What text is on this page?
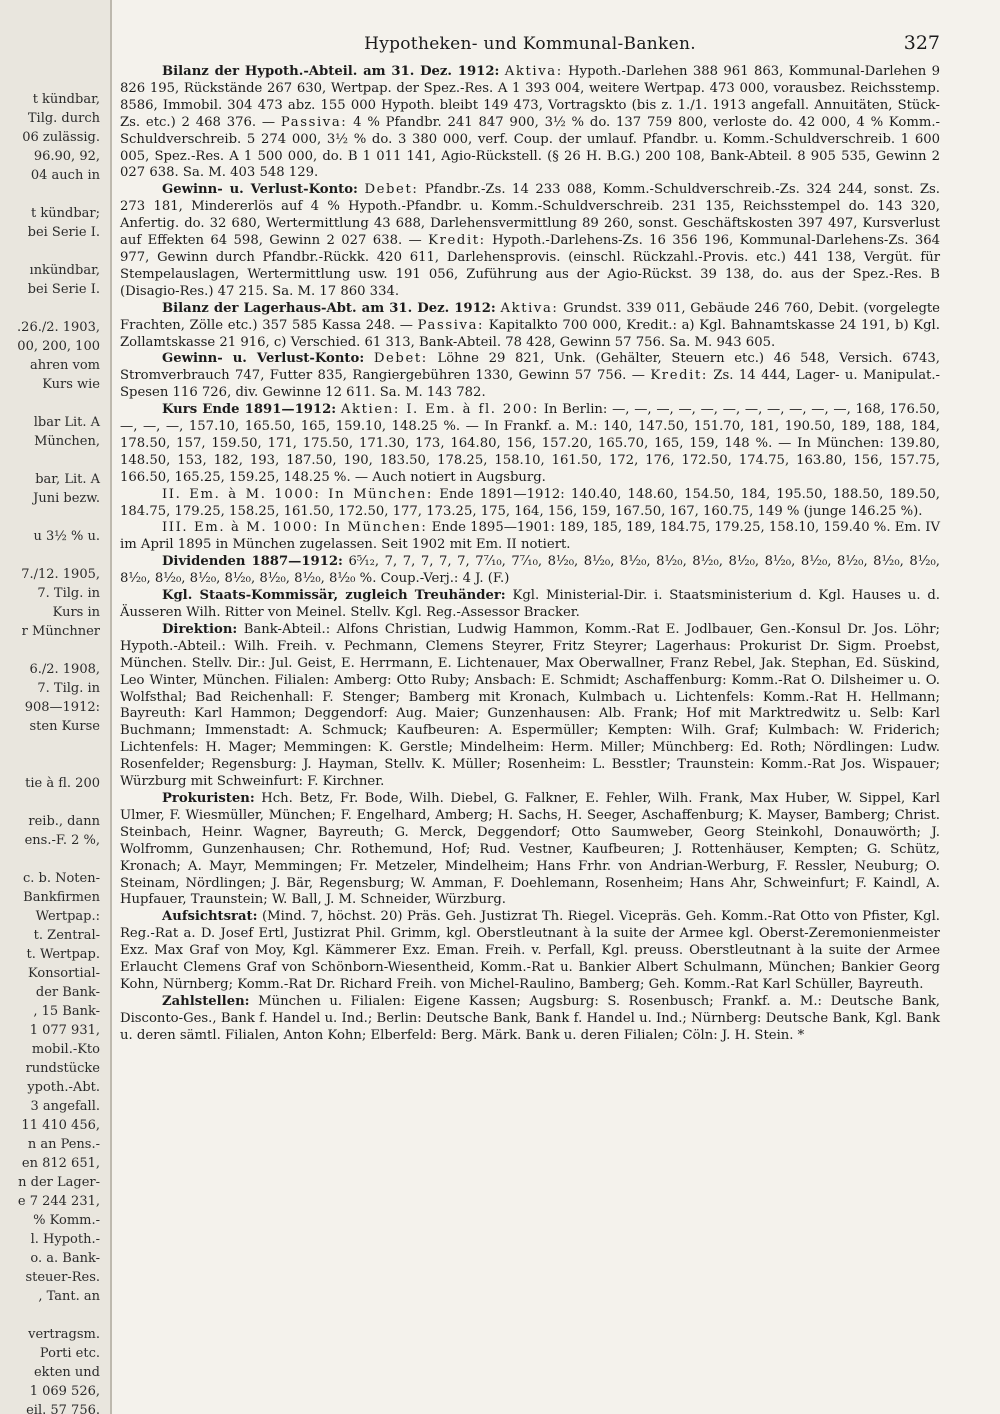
t kündbar,
Tilg. durch
06 zulässig.
96.90, 92,
04 auch in
t kündbar;
bei Serie I.
ınkündbar,
bei Serie I.
.26./2. 1903,
00, 200, 100
ahren vom
Kurs wie
lbar Lit. A
München,
bar, Lit. A
Juni bezw.
u 3½ % u.
7./12. 1905,
7. Tilg. in
Kurs in
r Münchner
6./2. 1908,
7. Tilg. in
908—1912:
sten Kurse
tie à fl. 200
reib., dann
ens.-F. 2 %,
c. b. Noten-
Bankfirmen
Wertpap.:
t. Zentral-
t. Wertpap.
Konsortial-
der Bank-
, 15 Bank-
1 077 931,
mobil.-Kto
rundstücke
ypoth.-Abt.
3 angefall.
11 410 456,
n an Pens.-
en 812 651,
n der Lager-
e 7 244 231,
% Komm.-
l. Hypoth.-
o. a. Bank-
steuer-Res.
, Tant. an
vertragsm.
Porti etc.
ekten und
1 069 526,
eil. 57 756.
Hypotheken- und Kommunal-Banken.	327

Bilanz der Hypoth.-Abteil. am 31. Dez. 1912: Aktiva: Hypoth.-Darlehen 388 961 863, Kommunal-Darlehen 9 826 195, Rückstände 267 630, Wertpap. der Spez.-Res. A 1 393 004, weitere Wertpap. 473 000, vorausbez. Reichsstemp. 8586, Immobil. 304 473 abz. 155 000 Hypoth. bleibt 149 473, Vortragskto (bis z. 1./1. 1913 angefall. Annuitäten, Stück-Zs. etc.) 2 468 376. — Passiva: 4 % Pfandbr. 241 847 900, 3½ % do. 137 759 800, verloste do. 42 000, 4 % Komm.-Schuldverschreib. 5 274 000, 3½ % do. 3 380 000, verf. Coup. der umlauf. Pfandbr. u. Komm.-Schuldverschreib. 1 600 005, Spez.-Res. A 1 500 000, do. B 1 011 141, Agio-Rückstell. (§ 26 H. B.G.) 200 108, Bank-Abteil. 8 905 535, Gewinn 2 027 638. Sa. M. 403 548 129.

Gewinn- u. Verlust-Konto: Debet: Pfandbr.-Zs. 14 233 088, Komm.-Schuldverschreib.-Zs. 324 244, sonst. Zs. 273 181, Mindererlös auf 4 % Hypoth.-Pfandbr. u. Komm.-Schuldverschreib. 231 135, Reichsstempel do. 143 320, Anfertig. do. 32 680, Wertermittlung 43 688, Darlehensvermittlung 89 260, sonst. Geschäftskosten 397 497, Kursverlust auf Effekten 64 598, Gewinn 2 027 638. — Kredit: Hypoth.-Darlehens-Zs. 16 356 196, Kommunal-Darlehens-Zs. 364 977, Gewinn durch Pfandbr.-Rückk. 420 611, Darlehensprovis. (einschl. Rückzahl.-Provis. etc.) 441 138, Vergüt. für Stempelauslagen, Wertermittlung usw. 191 056, Zuführung aus der Agio-Rückst. 39 138, do. aus der Spez.-Res. B (Disagio-Res.) 47 215. Sa. M. 17 860 334.

Bilanz der Lagerhaus-Abt. am 31. Dez. 1912: Aktiva: Grundst. 339 011, Gebäude 246 760, Debit. (vorgelegte Frachten, Zölle etc.) 357 585 Kassa 248. — Passiva: Kapitalkto 700 000, Kredit.: a) Kgl. Bahnamtskasse 24 191, b) Kgl. Zollamtskasse 21 916, c) Verschied. 61 313, Bank-Abteil. 78 428, Gewinn 57 756. Sa. M. 943 605.

Gewinn- u. Verlust-Konto: Debet: Löhne 29 821, Unk. (Gehälter, Steuern etc.) 46 548, Versich. 6743, Stromverbrauch 747, Futter 835, Rangiergebühren 1330, Gewinn 57 756. — Kredit: Zs. 14 444, Lager- u. Manipulat.-Spesen 116 726, div. Gewinne 12 611. Sa. M. 143 782.

Kurs Ende 1891—1912: Aktien: I. Em. à fl. 200: In Berlin: —, —, —, —, —, —, —, —, —, —, —, 168, 176.50, —, —, —, 157.10, 165.50, 165, 159.10, 148.25 %. — In Frankf. a. M.: 140, 147.50, 151.70, 181, 190.50, 189, 188, 184, 178.50, 157, 159.50, 171, 175.50, 171.30, 173, 164.80, 156, 157.20, 165.70, 165, 159, 148 %. — In München: 139.80, 148.50, 153, 182, 193, 187.50, 190, 183.50, 178.25, 158.10, 161.50, 172, 176, 172.50, 174.75, 163.80, 156, 157.75, 166.50, 165.25, 159.25, 148.25 %. — Auch notiert in Augsburg.

II. Em. à M. 1000: In München: Ende 1891—1912: 140.40, 148.60, 154.50, 184, 195.50, 188.50, 189.50, 184.75, 179.25, 158.25, 161.50, 172.50, 177, 173.25, 175, 164, 156, 159, 167.50, 167, 160.75, 149 % (junge 146.25 %).

III. Em. à M. 1000: In München: Ende 1895—1901: 189, 185, 189, 184.75, 179.25, 158.10, 159.40 %. Em. IV im April 1895 in München zugelassen. Seit 1902 mit Em. II notiert.

Dividenden 1887—1912: 6⁵⁄₁₂, 7, 7, 7, 7, 7, 7⁷⁄₁₀, 7⁷⁄₁₀, 8¹⁄₂₀, 8¹⁄₂₀, 8¹⁄₂₀, 8¹⁄₂₀, 8¹⁄₂₀, 8¹⁄₂₀, 8¹⁄₂₀, 8¹⁄₂₀, 8¹⁄₂₀, 8¹⁄₂₀, 8¹⁄₂₀, 8¹⁄₂₀, 8¹⁄₂₀, 8¹⁄₂₀, 8¹⁄₂₀, 8¹⁄₂₀, 8¹⁄₂₀, 8¹⁄₂₀ %. Coup.-Verj.: 4 J. (F.)

Kgl. Staats-Kommissär, zugleich Treuhänder: Kgl. Ministerial-Dir. i. Staatsministerium d. Kgl. Hauses u. d. Äusseren Wilh. Ritter von Meinel. Stellv. Kgl. Reg.-Assessor Bracker.

Direktion: Bank-Abteil.: Alfons Christian, Ludwig Hammon, Komm.-Rat E. Jodlbauer, Gen.-Konsul Dr. Jos. Löhr; Hypoth.-Abteil.: Wilh. Freih. v. Pechmann, Clemens Steyrer, Fritz Steyrer; Lagerhaus: Prokurist Dr. Sigm. Proebst, München. Stellv. Dir.: Jul. Geist, E. Herrmann, E. Lichtenauer, Max Oberwallner, Franz Rebel, Jak. Stephan, Ed. Süskind, Leo Winter, München. Filialen: Amberg: Otto Ruby; Ansbach: E. Schmidt; Aschaffenburg: Komm.-Rat O. Dilsheimer u. O. Wolfsthal; Bad Reichenhall: F. Stenger; Bamberg mit Kronach, Kulmbach u. Lichtenfels: Komm.-Rat H. Hellmann; Bayreuth: Karl Hammon; Deggendorf: Aug. Maier; Gunzenhausen: Alb. Frank; Hof mit Marktredwitz u. Selb: Karl Buchmann; Immenstadt: A. Schmuck; Kaufbeuren: A. Espermüller; Kempten: Wilh. Graf; Kulmbach: W. Friderich; Lichtenfels: H. Mager; Memmingen: K. Gerstle; Mindelheim: Herm. Miller; Münchberg: Ed. Roth; Nördlingen: Ludw. Rosenfelder; Regensburg: J. Hayman, Stellv. K. Müller; Rosenheim: L. Besstler; Traunstein: Komm.-Rat Jos. Wispauer; Würzburg mit Schweinfurt: F. Kirchner.

Prokuristen: Hch. Betz, Fr. Bode, Wilh. Diebel, G. Falkner, E. Fehler, Wilh. Frank, Max Huber, W. Sippel, Karl Ulmer, F. Wiesmüller, München; F. Engelhard, Amberg; H. Sachs, H. Seeger, Aschaffenburg; K. Mayser, Bamberg; Christ. Steinbach, Heinr. Wagner, Bayreuth; G. Merck, Deggendorf; Otto Saumweber, Georg Steinkohl, Donauwörth; J. Wolfromm, Gunzenhausen; Chr. Rothemund, Hof; Rud. Vestner, Kaufbeuren; J. Rottenhäuser, Kempten; G. Schütz, Kronach; A. Mayr, Memmingen; Fr. Metzeler, Mindelheim; Hans Frhr. von Andrian-Werburg, F. Ressler, Neuburg; O. Steinam, Nördlingen; J. Bär, Regensburg; W. Amman, F. Doehlemann, Rosenheim; Hans Ahr, Schweinfurt; F. Kaindl, A. Hupfauer, Traunstein; W. Ball, J. M. Schneider, Würzburg.

Aufsichtsrat: (Mind. 7, höchst. 20) Präs. Geh. Justizrat Th. Riegel. Vicepräs. Geh. Komm.-Rat Otto von Pfister, Kgl. Reg.-Rat a. D. Josef Ertl, Justizrat Phil. Grimm, kgl. Oberstleutnant à la suite der Armee kgl. Oberst-Zeremonienmeister Exz. Max Graf von Moy, Kgl. Kämmerer Exz. Eman. Freih. v. Perfall, Kgl. preuss. Oberstleutnant à la suite der Armee Erlaucht Clemens Graf von Schönborn-Wiesentheid, Komm.-Rat u. Bankier Albert Schulmann, München; Bankier Georg Kohn, Nürnberg; Komm.-Rat Dr. Richard Freih. von Michel-Raulino, Bamberg; Geh. Komm.-Rat Karl Schüller, Bayreuth.

Zahlstellen: München u. Filialen: Eigene Kassen; Augsburg: S. Rosenbusch; Frankf. a. M.: Deutsche Bank, Disconto-Ges., Bank f. Handel u. Ind.; Berlin: Deutsche Bank, Bank f. Handel u. Ind.; Nürnberg: Deutsche Bank, Kgl. Bank u. deren sämtl. Filialen, Anton Kohn; Elberfeld: Berg. Märk. Bank u. deren Filialen; Cöln: J. H. Stein. *
